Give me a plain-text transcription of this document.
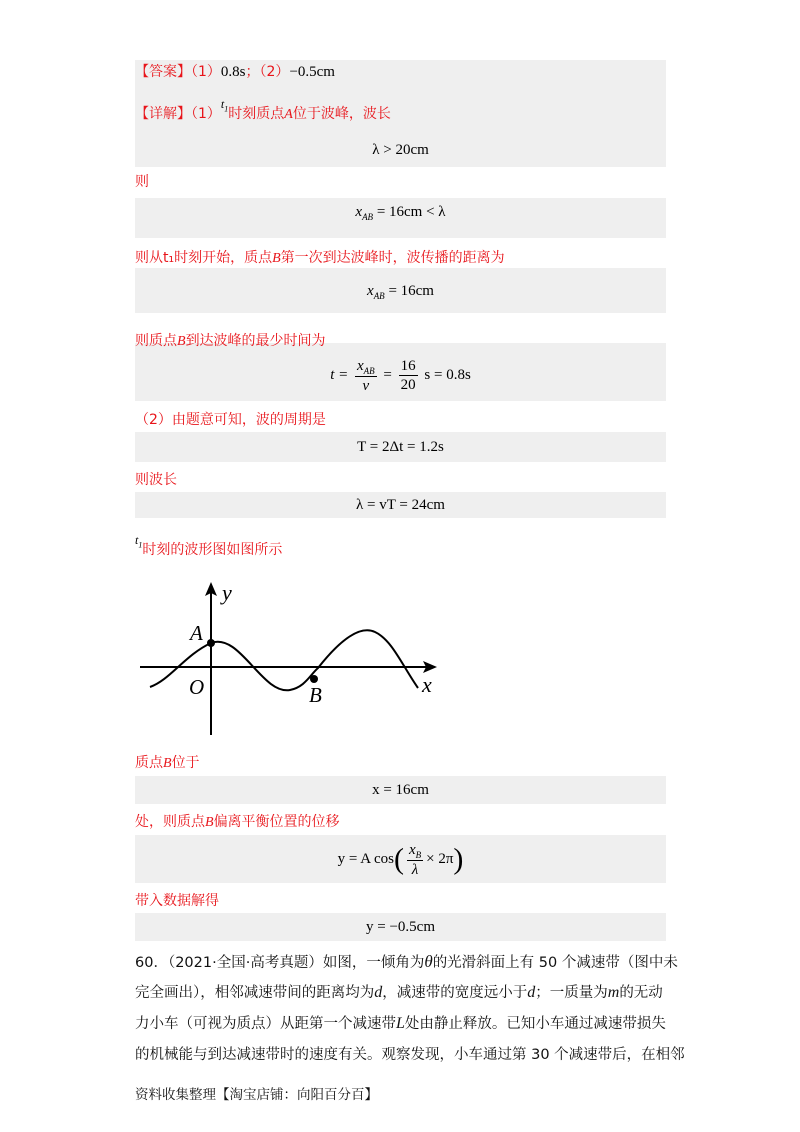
【答案】（1）0.8s；（2）−0.5cm
【详解】$(1)t_1$时刻质点A位于波峰，波长
λ > 20cm
则
$x_{AB} = 16cm < \lambda$
则从t₁时刻开始，质点B第一次到达波峰时，波传播的距离为
$x_{AB} = 16cm$
则质点B到达波峰的最少时间为
$t = \frac{x_{AB}}{v} = \frac{16}{20}$ s = 0.8s
（2）由题意可知，波的周期是
T = 2Δt = 1.2s
则波长
λ = vT = 24cm
$t_1$时刻的波形图如图所示
y
x
O
A
B
质点B位于
x = 16cm
处，则质点B偏离平衡位置的位移
y = A $\cos( \frac{x_B}{\lambda} \times 2\pi)$
带入数据解得
y = −0.5cm
60．（2021·全国·高考真题）如图，一倾角为θ的光滑斜面上有 50 个减速带（图中未
完全画出），相邻减速带间的距离均为d，减速带的宽度远小于d；一质量为m的无动
力小车（可视为质点）从距第一个减速带L处由静止释放。已知小车通过减速带损失
的机械能与到达减速带时的速度有关。观察发现，小车通过第 30 个减速带后，在相邻
资料收集整理【淘宝店铺：向阳百分百】
